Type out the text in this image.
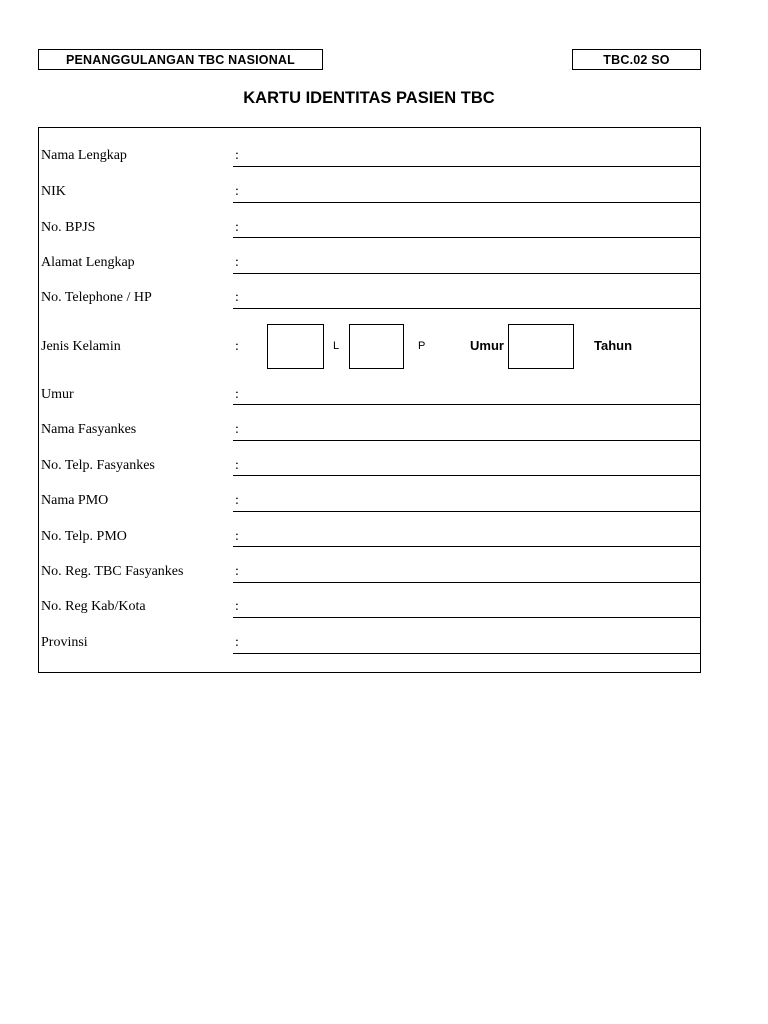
PENANGGULANGAN TBC NASIONAL	TBC.02 SO
KARTU IDENTITAS PASIEN TBC
Nama Lengkap	:
NIK	:
No. BPJS	:
Alamat Lengkap	:
No. Telephone / HP	:
Jenis Kelamin	:	L	P	Umur	Tahun
Umur	:
Nama Fasyankes	:
No. Telp. Fasyankes	:
Nama PMO	:
No. Telp. PMO	:
No. Reg. TBC Fasyankes	:
No. Reg Kab/Kota	:
Provinsi	:
